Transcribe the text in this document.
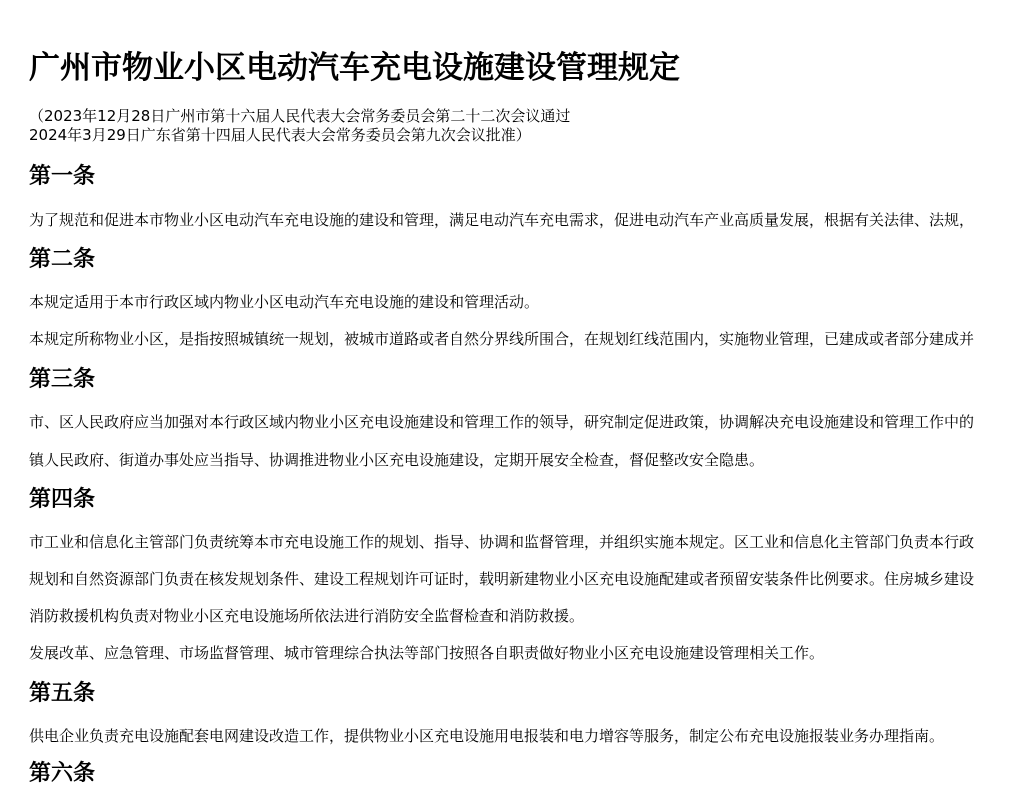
广州市物业小区电动汽车充电设施建设管理规定
（2023年12月28日广州市第十六届人民代表大会常务委员会第二十二次会议通过
2024年3月29日广东省第十四届人民代表大会常务委员会第九次会议批准）
第一条

为了规范和促进本市物业小区电动汽车充电设施的建设和管理，满足电动汽车充电需求，促进电动汽车产业高质量发展，根据有关法律、法规，

第二条

本规定适用于本市行政区域内物业小区电动汽车充电设施的建设和管理活动。

本规定所称物业小区，是指按照城镇统一规划，被城市道路或者自然分界线所围合，在规划红线范围内，实施物业管理，已建成或者部分建成并

第三条

市、区人民政府应当加强对本行政区域内物业小区充电设施建设和管理工作的领导，研究制定促进政策，协调解决充电设施建设和管理工作中的

镇人民政府、街道办事处应当指导、协调推进物业小区充电设施建设，定期开展安全检查，督促整改安全隐患。

第四条

市工业和信息化主管部门负责统筹本市充电设施工作的规划、指导、协调和监督管理，并组织实施本规定。区工业和信息化主管部门负责本行政

规划和自然资源部门负责在核发规划条件、建设工程规划许可证时，载明新建物业小区充电设施配建或者预留安装条件比例要求。住房城乡建设

消防救援机构负责对物业小区充电设施场所依法进行消防安全监督检查和消防救援。

发展改革、应急管理、市场监督管理、城市管理综合执法等部门按照各自职责做好物业小区充电设施建设管理相关工作。

第五条

供电企业负责充电设施配套电网建设改造工作，提供物业小区充电设施用电报装和电力增容等服务，制定公布充电设施报装业务办理指南。

第六条
